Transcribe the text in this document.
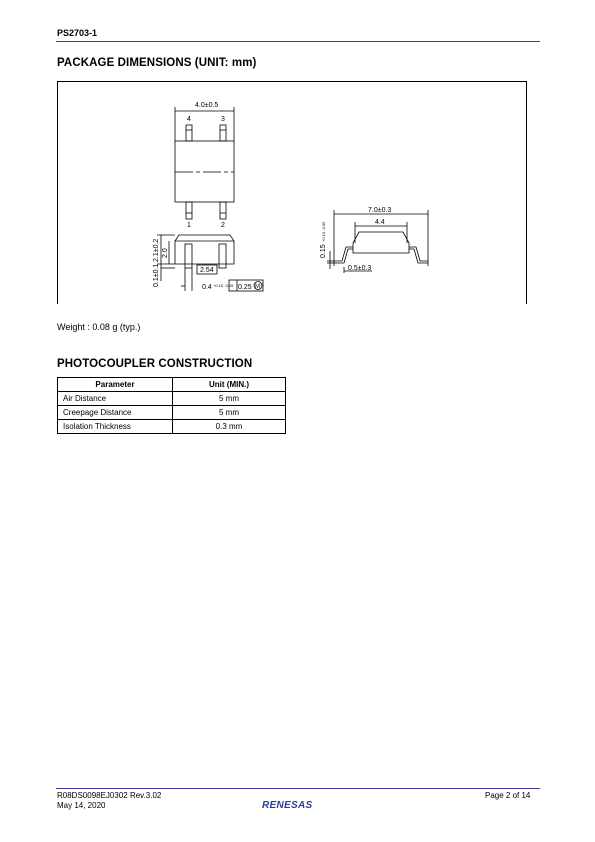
PS2703-1
PACKAGE DIMENSIONS (UNIT: mm)
4.0±0.5
4	3
1	2
2.1±0.2 2.0
0.1±0.1	2.54
0.4 +0.10 -0.05 0.25 M
7.0±0.3
4.4
0.15
+0.10 -0.05
0.5±0.3
Weight : 0.08 g (typ.)
PHOTOCOUPLER CONSTRUCTION
Parameter	Unit (MIN.)
Air Distance	5 mm
Creepage Distance	5 mm
Isolation Thickness	0.3 mm
R08DS0098EJ0302 Rev.3.02
May 14, 2020
Page 2 of 14
RENESAS
